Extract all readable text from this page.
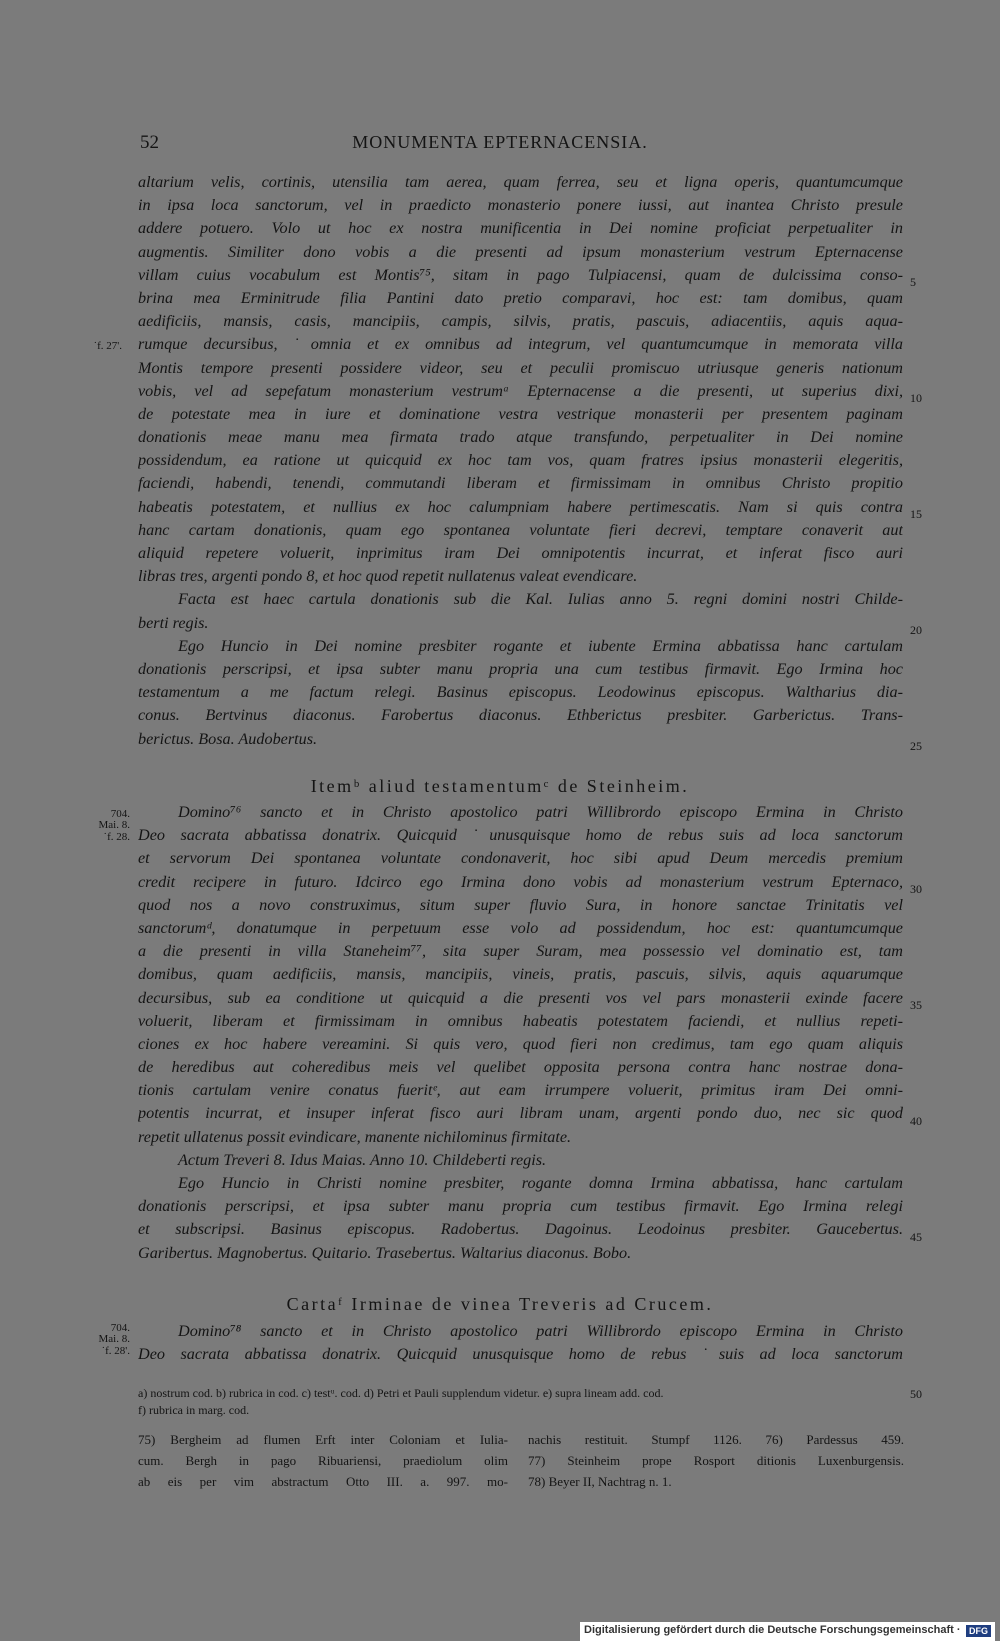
52	MONUMENTA EPTERNACENSIA.
altarium velis, cortinis, utensilia tam aerea, quam ferrea, seu et ligna operis, quantumcumque
in ipsa loca sanctorum, vel in praedicto monasterio ponere iussi, aut inantea Christo presule
addere potuero. Volo ut hoc ex nostra munificentia in Dei nomine proficiat perpetualiter in
augmentis. Similiter dono vobis a die presenti ad ipsum monasterium vestrum Epternacense
villam cuius vocabulum est Montis⁷⁵, sitam in pago Tulpiacensi, quam de dulcissima conso-
brina mea Erminitrude filia Pantini dato pretio comparavi, hoc est: tam domibus, quam
aedificiis, mansis, casis, mancipiis, campis, silvis, pratis, pascuis, adiacentiis, aquis aqua-
rumque decursibus, ˙omnia et ex omnibus ad integrum, vel quantumcumque in memorata villa
Montis tempore presenti possidere videor, seu et peculii promiscuo utriusque generis nationum
vobis, vel ad sepefatum monasterium vestrumᵃ Epternacense a die presenti, ut superius dixi,
de potestate mea in iure et dominatione vestra vestrique monasterii per presentem paginam
donationis meae manu mea firmata trado atque transfundo, perpetualiter in Dei nomine
possidendum, ea ratione ut quicquid ex hoc tam vos, quam fratres ipsius monasterii elegeritis,
faciendi, habendi, tenendi, commutandi liberam et firmissimam in omnibus Christo propitio
habeatis potestatem, et nullius ex hoc calumpniam habere pertimescatis. Nam si quis contra
hanc cartam donationis, quam ego spontanea voluntate fieri decrevi, temptare conaverit aut
aliquid repetere voluerit, inprimitus iram Dei omnipotentis incurrat, et inferat fisco auri
libras tres, argenti pondo 8, et hoc quod repetit nullatenus valeat evendicare.
Facta est haec cartula donationis sub die Kal. Iulias anno 5. regni domini nostri Childe-
berti regis.
Ego Huncio in Dei nomine presbiter rogante et iubente Ermina abbatissa hanc cartulam
donationis perscripsi, et ipsa subter manu propria una cum testibus firmavit. Ego Irmina hoc
testamentum a me factum relegi. Basinus episcopus. Leodowinus episcopus. Waltharius dia-
conus. Bertvinus diaconus. Farobertus diaconus. Ethberictus presbiter. Garberictus. Trans-
berictus. Bosa. Audobertus.
Itemᵇ aliud testamentumᶜ de Steinheim.
Domino⁷⁶ sancto et in Christo apostolico patri Willibrordo episcopo Ermina in Christo
Deo sacrata abbatissa donatrix. Quicquid ˙unusquisque homo de rebus suis ad loca sanctorum
et servorum Dei spontanea voluntate condonaverit, hoc sibi apud Deum mercedis premium
credit recipere in futuro. Idcirco ego Irmina dono vobis ad monasterium vestrum Epternaco,
quod nos a novo construximus, situm super fluvio Sura, in honore sanctae Trinitatis vel
sanctorumᵈ, donatumque in perpetuum esse volo ad possidendum, hoc est: quantumcumque
a die presenti in villa Staneheim⁷⁷, sita super Suram, mea possessio vel dominatio est, tam
domibus, quam aedificiis, mansis, mancipiis, vineis, pratis, pascuis, silvis, aquis aquarumque
decursibus, sub ea conditione ut quicquid a die presenti vos vel pars monasterii exinde facere
voluerit, liberam et firmissimam in omnibus habeatis potestatem faciendi, et nullius repeti-
ciones ex hoc habere vereamini. Si quis vero, quod fieri non credimus, tam ego quam aliquis
de heredibus aut coheredibus meis vel quelibet opposita persona contra hanc nostrae dona-
tionis cartulam venire conatus fueritᵉ, aut eam irrumpere voluerit, primitus iram Dei omni-
potentis incurrat, et insuper inferat fisco auri libram unam, argenti pondo duo, nec sic quod
repetit ullatenus possit evindicare, manente nichilominus firmitate.
Actum Treveri 8. Idus Maias. Anno 10. Childeberti regis.
Ego Huncio in Christi nomine presbiter, rogante domna Irmina abbatissa, hanc cartulam
donationis perscripsi, et ipsa subter manu propria cum testibus firmavit. Ego Irmina relegi
et subscripsi. Basinus episcopus. Radobertus. Dagoinus. Leodoinus presbiter. Gaucebertus.
Garibertus. Magnobertus. Quitario. Trasebertus. Waltarius diaconus. Bobo.
Cartaᶠ Irminae de vinea Treveris ad Crucem.
Domino⁷⁸ sancto et in Christo apostolico patri Willibrordo episcopo Ermina in Christo
Deo sacrata abbatissa donatrix. Quicquid unusquisque homo de rebus ˙suis ad loca sanctorum
˙f. 27'.
704.
Mai. 8.
˙f. 28.
704.
Mai. 8.
˙f. 28'.
5
10
15
20
25
30
35
40
45
50
a) nostrum cod. b) rubrica in cod. c) testᵘ. cod. d) Petri et Pauli supplendum videtur. e) supra lineam add. cod.
f) rubrica in marg. cod.
75) Bergheim ad flumen Erft inter Coloniam et Iulia-
cum. Bergh in pago Ribuariensi, praediolum olim
ab eis per vim abstractum Otto III. a. 997. mo-
nachis restituit. Stumpf 1126. 76) Pardessus 459.
77) Steinheim prope Rosport ditionis Luxenburgensis.
78) Beyer II, Nachtrag n. 1.
Digitalisierung gefördert durch die Deutsche Forschungsgemeinschaft · DFG
